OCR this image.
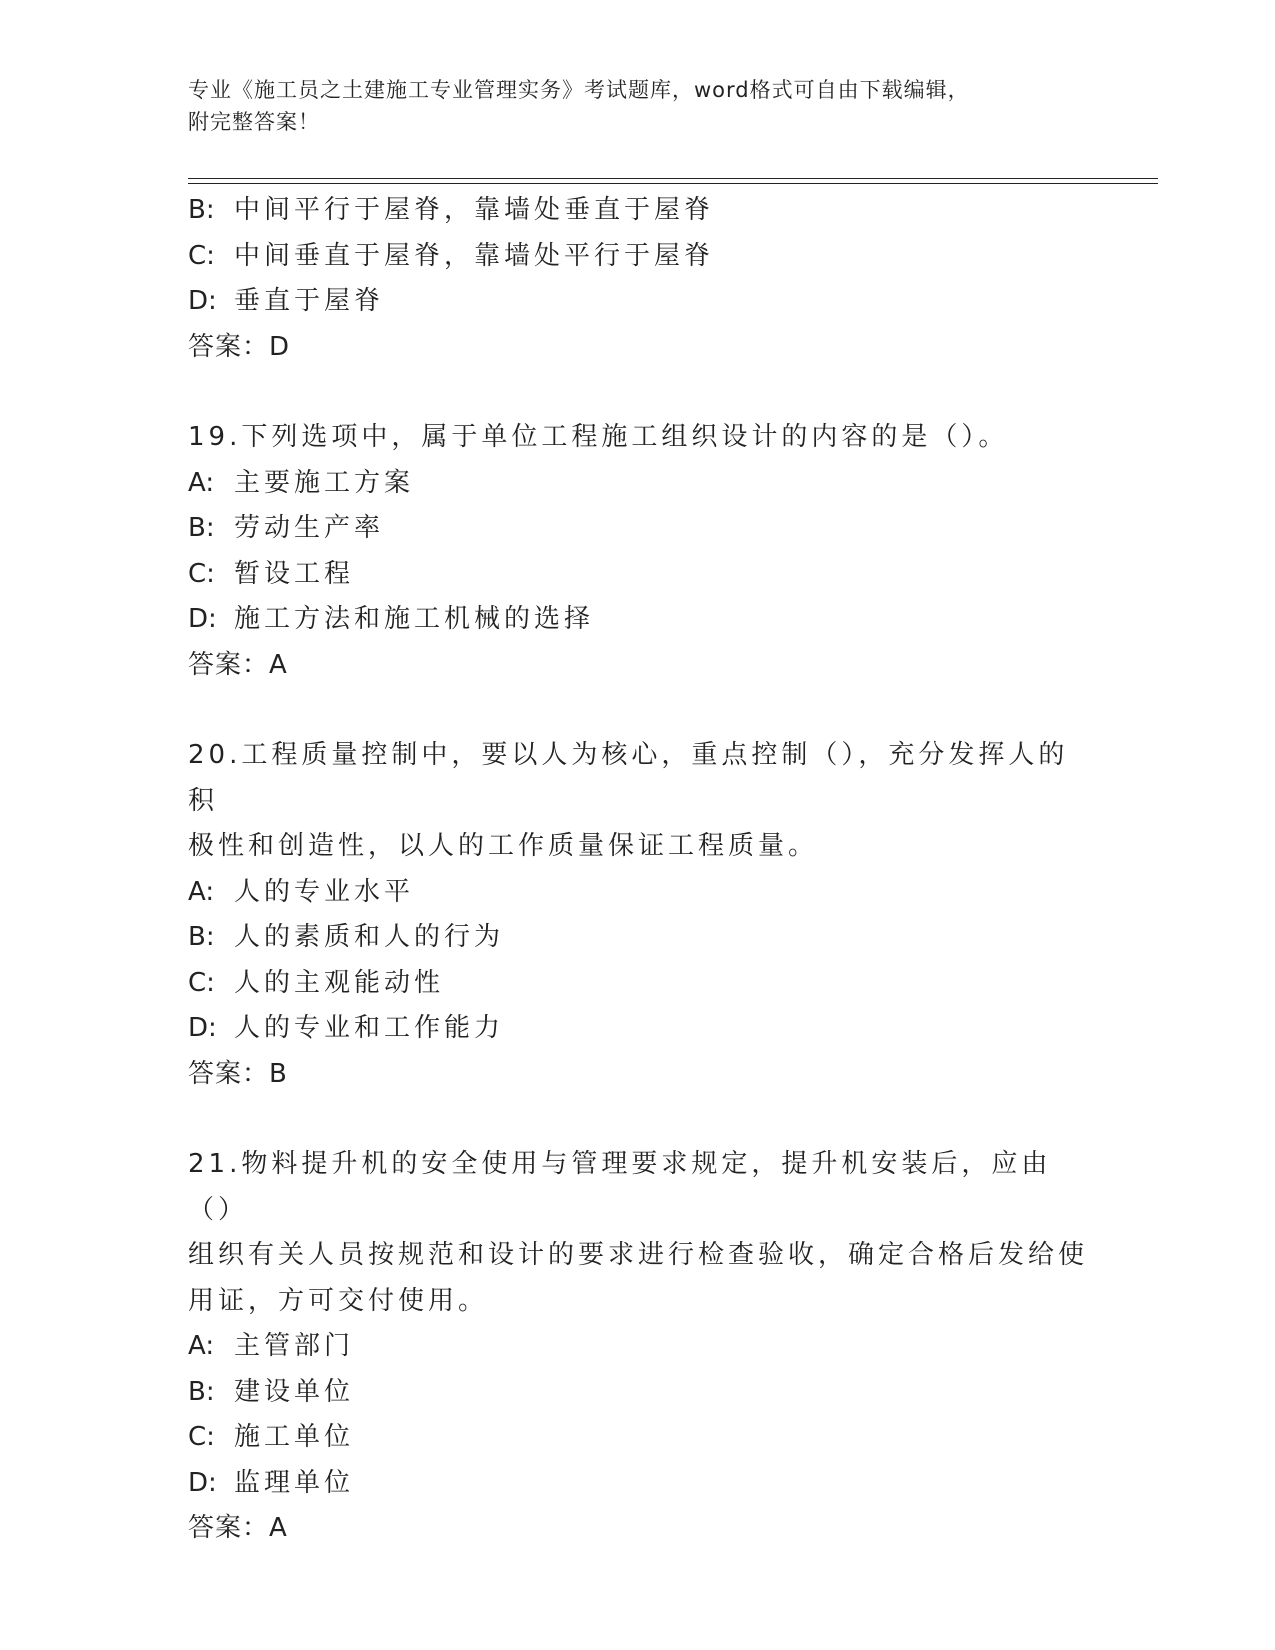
专业《施工员之土建施工专业管理实务》考试题库，word格式可自由下载编辑，
附完整答案！
B: 中间平行于屋脊，靠墙处垂直于屋脊
C: 中间垂直于屋脊，靠墙处平行于屋脊
D: 垂直于屋脊
答案：D
19.下列选项中，属于单位工程施工组织设计的内容的是（）。
A: 主要施工方案
B: 劳动生产率
C: 暂设工程
D: 施工方法和施工机械的选择
答案：A
20.工程质量控制中，要以人为核心，重点控制（），充分发挥人的积
极性和创造性，以人的工作质量保证工程质量。
A: 人的专业水平
B: 人的素质和人的行为
C: 人的主观能动性
D: 人的专业和工作能力
答案：B
21.物料提升机的安全使用与管理要求规定，提升机安装后，应由（）
组织有关人员按规范和设计的要求进行检查验收，确定合格后发给使
用证，方可交付使用。
A: 主管部门
B: 建设单位
C: 施工单位
D: 监理单位
答案：A
